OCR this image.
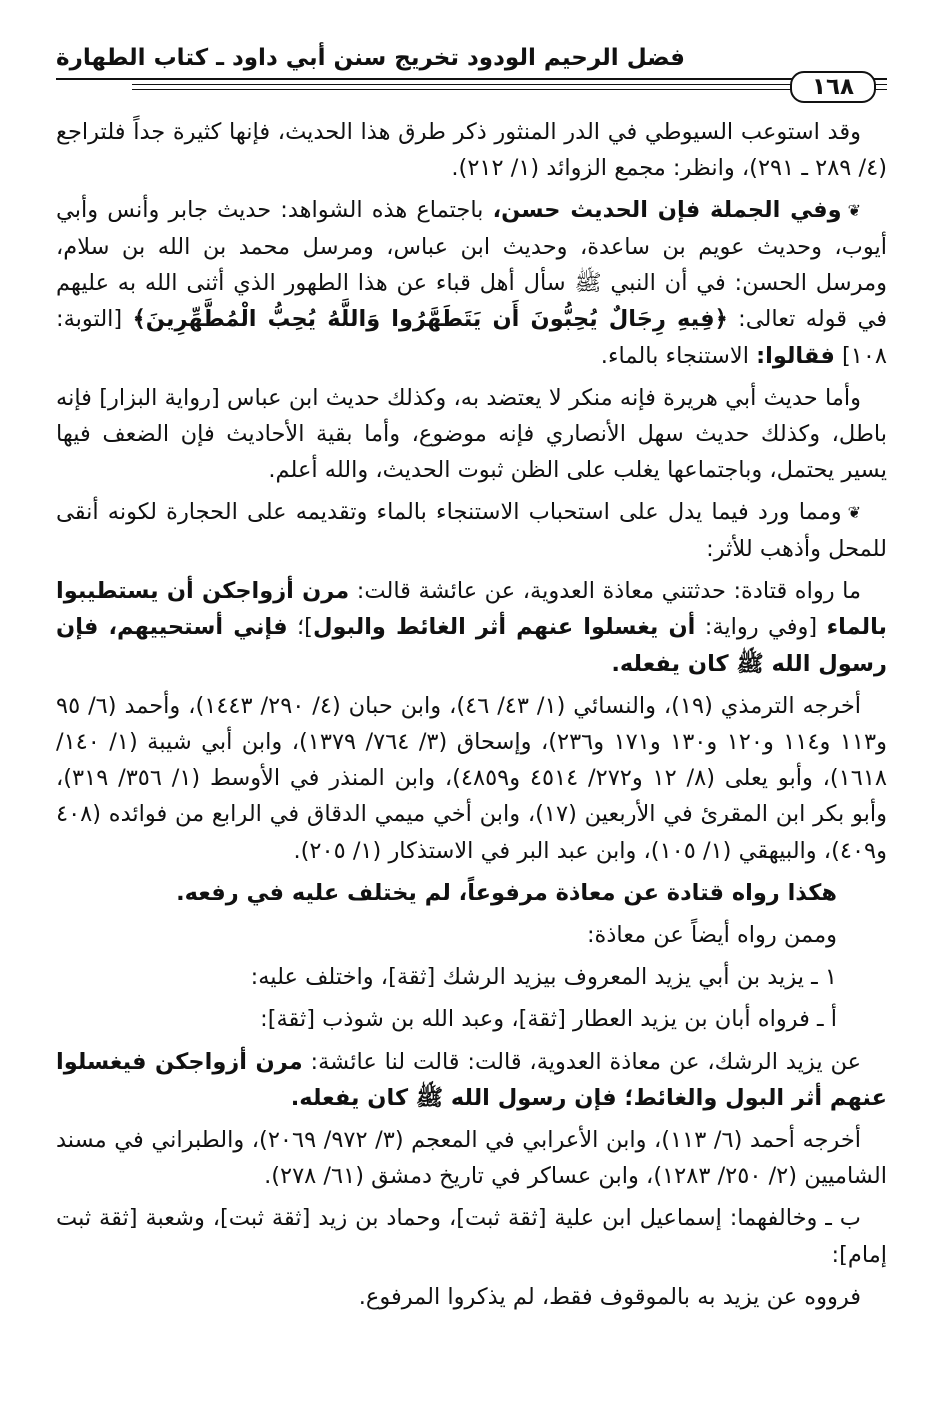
فضل الرحيم الودود تخريج سنن أبي داود ـ كتاب الطهارة
١٦٨

وقد استوعب السيوطي في الدر المنثور ذكر طرق هذا الحديث، فإنها كثيرة جداً فلتراجع (٤/ ٢٨٩ ـ ٢٩١)، وانظر: مجمع الزوائد (١/ ٢١٢).

❦وفي الجملة فإن الحديث حسن، باجتماع هذه الشواهد: حديث جابر وأنس وأبي أيوب، وحديث عويم بن ساعدة، وحديث ابن عباس، ومرسل محمد بن الله بن سلام، ومرسل الحسن: في أن النبي ﷺ سأل أهل قباء عن هذا الطهور الذي أثنى الله به عليهم في قوله تعالى: ﴿فِيهِ رِجَالٌ يُحِبُّونَ أَن يَتَطَهَّرُوا وَاللَّهُ يُحِبُّ الْمُطَّهِّرِينَ﴾ [التوبة: ١٠٨] فقالوا: الاستنجاء بالماء.

وأما حديث أبي هريرة فإنه منكر لا يعتضد به، وكذلك حديث ابن عباس [رواية البزار] فإنه باطل، وكذلك حديث سهل الأنصاري فإنه موضوع، وأما بقية الأحاديث فإن الضعف فيها يسير يحتمل، وباجتماعها يغلب على الظن ثبوت الحديث، والله أعلم.

❦ومما ورد فيما يدل على استحباب الاستنجاء بالماء وتقديمه على الحجارة لكونه أنقى للمحل وأذهب للأثر:

ما رواه قتادة: حدثتني معاذة العدوية، عن عائشة قالت: مرن أزواجكن أن يستطيبوا بالماء [وفي رواية: أن يغسلوا عنهم أثر الغائط والبول]؛ فإني أستحييهم، فإن رسول الله ﷺ كان يفعله.

أخرجه الترمذي (١٩)، والنسائي (١/ ٤٣/ ٤٦)، وابن حبان (٤/ ٢٩٠/ ١٤٤٣)، وأحمد (٦/ ٩٥ و١١٣ و١١٤ و١٢٠ و١٣٠ و١٧١ و٢٣٦)، وإسحاق (٣/ ٧٦٤/ ١٣٧٩)، وابن أبي شيبة (١/ ١٤٠/ ١٦١٨)، وأبو يعلى (٨/ ١٢ و٢٧٢/ ٤٥١٤ و٤٨٥٩)، وابن المنذر في الأوسط (١/ ٣٥٦/ ٣١٩)، وأبو بكر ابن المقرئ في الأربعين (١٧)، وابن أخي ميمي الدقاق في الرابع من فوائده (٤٠٨ و٤٠٩)، والبيهقي (١/ ١٠٥)، وابن عبد البر في الاستذكار (١/ ٢٠٥).

هكذا رواه قتادة عن معاذة مرفوعاً، لم يختلف عليه في رفعه.

وممن رواه أيضاً عن معاذة:

١ ـ يزيد بن أبي يزيد المعروف بيزيد الرشك [ثقة]، واختلف عليه:

أ ـ فرواه أبان بن يزيد العطار [ثقة]، وعبد الله بن شوذب [ثقة]:

عن يزيد الرشك، عن معاذة العدوية، قالت: قالت لنا عائشة: مرن أزواجكن فيغسلوا عنهم أثر البول والغائط؛ فإن رسول الله ﷺ كان يفعله.

أخرجه أحمد (٦/ ١١٣)، وابن الأعرابي في المعجم (٣/ ٩٧٢/ ٢٠٦٩)، والطبراني في مسند الشاميين (٢/ ٢٥٠/ ١٢٨٣)، وابن عساكر في تاريخ دمشق (٦١/ ٢٧٨).

ب ـ وخالفهما: إسماعيل ابن علية [ثقة ثبت]، وحماد بن زيد [ثقة ثبت]، وشعبة [ثقة ثبت إمام]:

فرووه عن يزيد به بالموقوف فقط، لم يذكروا المرفوع.
